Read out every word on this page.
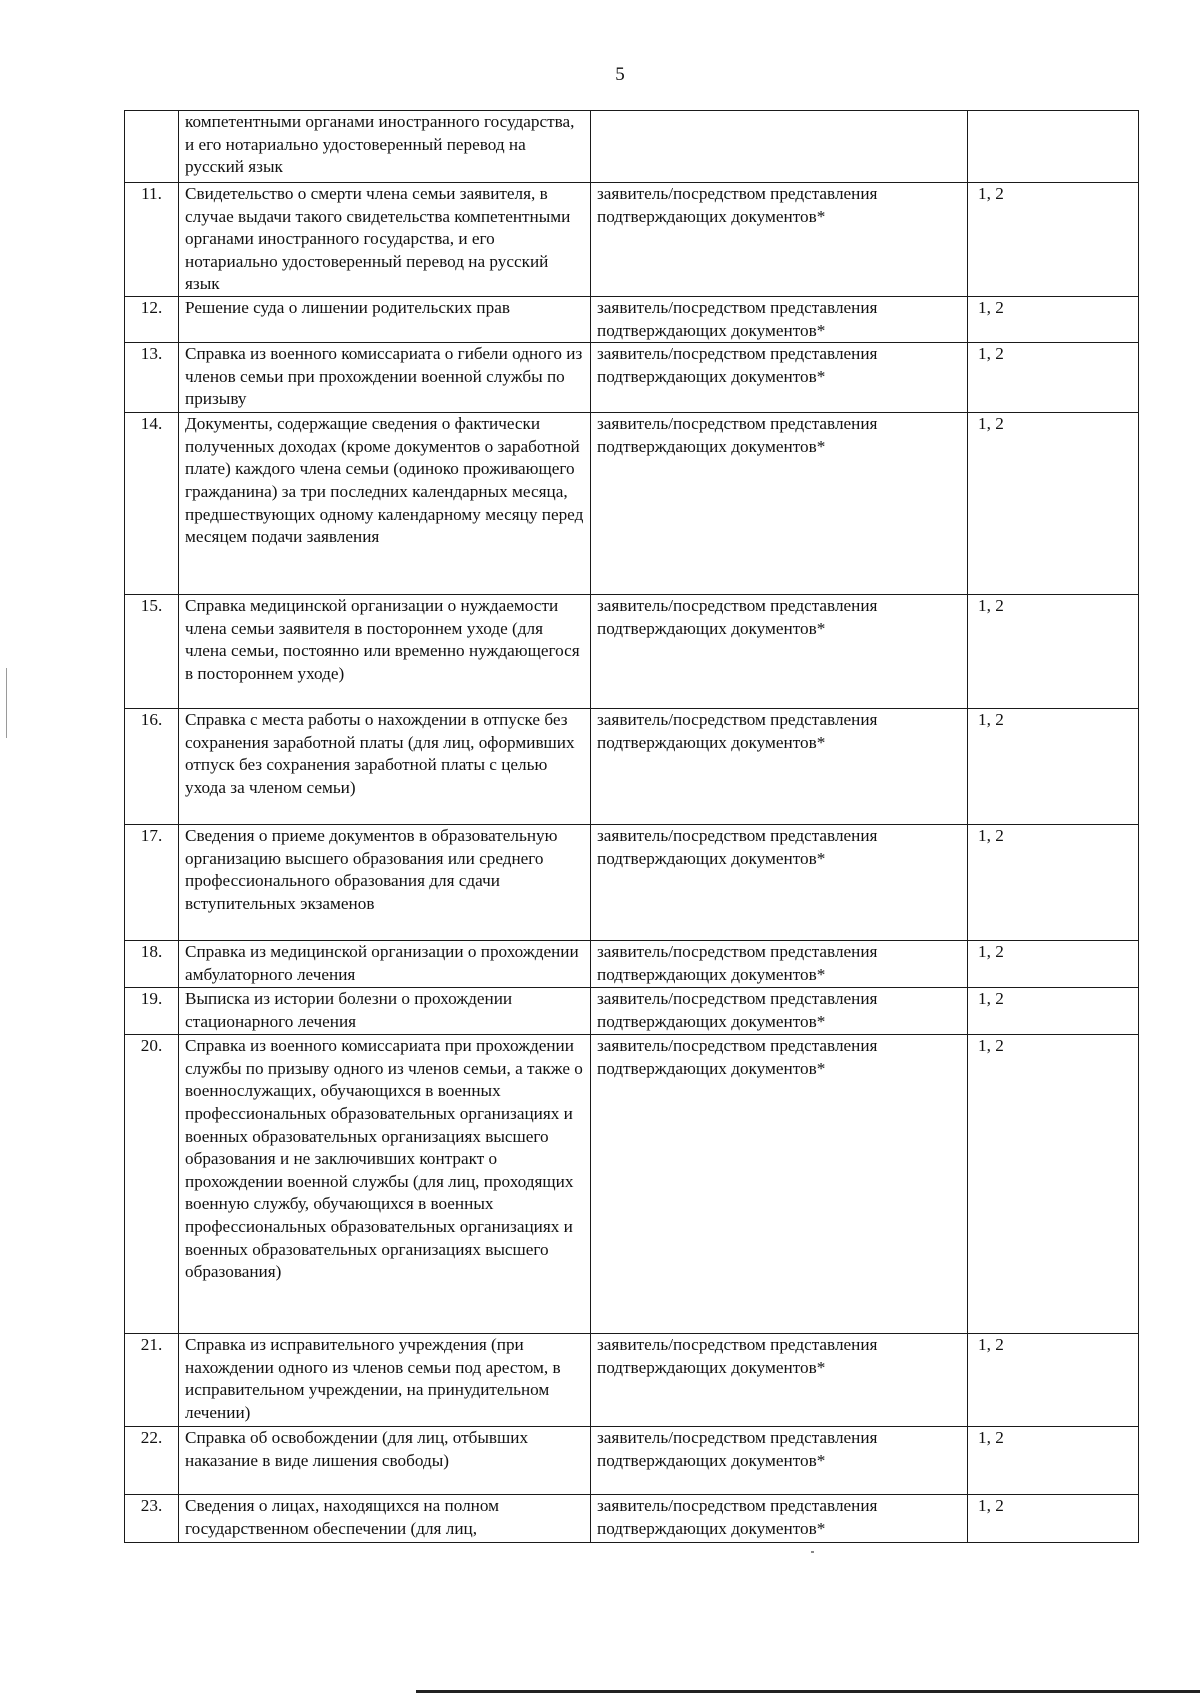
5
	компетентными органами иностранного государства, и его нотариально удостоверенный перевод на русский язык		
11.	Свидетельство о смерти члена семьи заявителя, в случае выдачи такого свидетельства компетентными органами иностранного государства, и его нотариально удостоверенный перевод на русский язык	заявитель/посредством представления подтверждающих документов*	1, 2
12.	Решение суда о лишении родительских прав	заявитель/посредством представления подтверждающих документов*	1, 2
13.	Справка из военного комиссариата о гибели одного из членов семьи при прохождении военной службы по призыву	заявитель/посредством представления подтверждающих документов*	1, 2
14.	Документы, содержащие сведения о фактически полученных доходах (кроме документов о заработной плате) каждого члена семьи (одиноко проживающего гражданина) за три последних календарных месяца, предшествующих одному календарному месяцу перед месяцем подачи заявления	заявитель/посредством представления подтверждающих документов*	1, 2
15.	Справка медицинской организации о нуждаемости члена семьи заявителя в постороннем уходе (для члена семьи, постоянно или временно нуждающегося в постороннем уходе)	заявитель/посредством представления подтверждающих документов*	1, 2
16.	Справка с места работы о нахождении в отпуске без сохранения заработной платы (для лиц, оформивших отпуск без сохранения заработной платы с целью ухода за членом семьи)	заявитель/посредством представления подтверждающих документов*	1, 2
17.	Сведения о приеме документов в образовательную организацию высшего образования или среднего профессионального образования для сдачи вступительных экзаменов	заявитель/посредством представления подтверждающих документов*	1, 2
18.	Справка из медицинской организации о прохождении амбулаторного лечения	заявитель/посредством представления подтверждающих документов*	1, 2
19.	Выписка из истории болезни о прохождении стационарного лечения	заявитель/посредством представления подтверждающих документов*	1, 2
20.	Справка из военного комиссариата при прохождении службы по призыву одного из членов семьи, а также о военнослужащих, обучающихся в военных профессиональных образовательных организациях и военных образовательных организациях высшего образования и не заключивших контракт о прохождении военной службы (для лиц, проходящих военную службу, обучающихся в военных профессиональных образовательных организациях и военных образовательных организациях высшего образования)	заявитель/посредством представления подтверждающих документов*	1, 2
21.	Справка из исправительного учреждения (при нахождении одного из членов семьи под арестом, в исправительном учреждении, на принудительном лечении)	заявитель/посредством представления подтверждающих документов*	1, 2
22.	Справка об освобождении (для лиц, отбывших наказание в виде лишения свободы)	заявитель/посредством представления подтверждающих документов*	1, 2
23.	Сведения о лицах, находящихся на полном государственном обеспечении (для лиц,	заявитель/посредством представления подтверждающих документов*	1, 2
